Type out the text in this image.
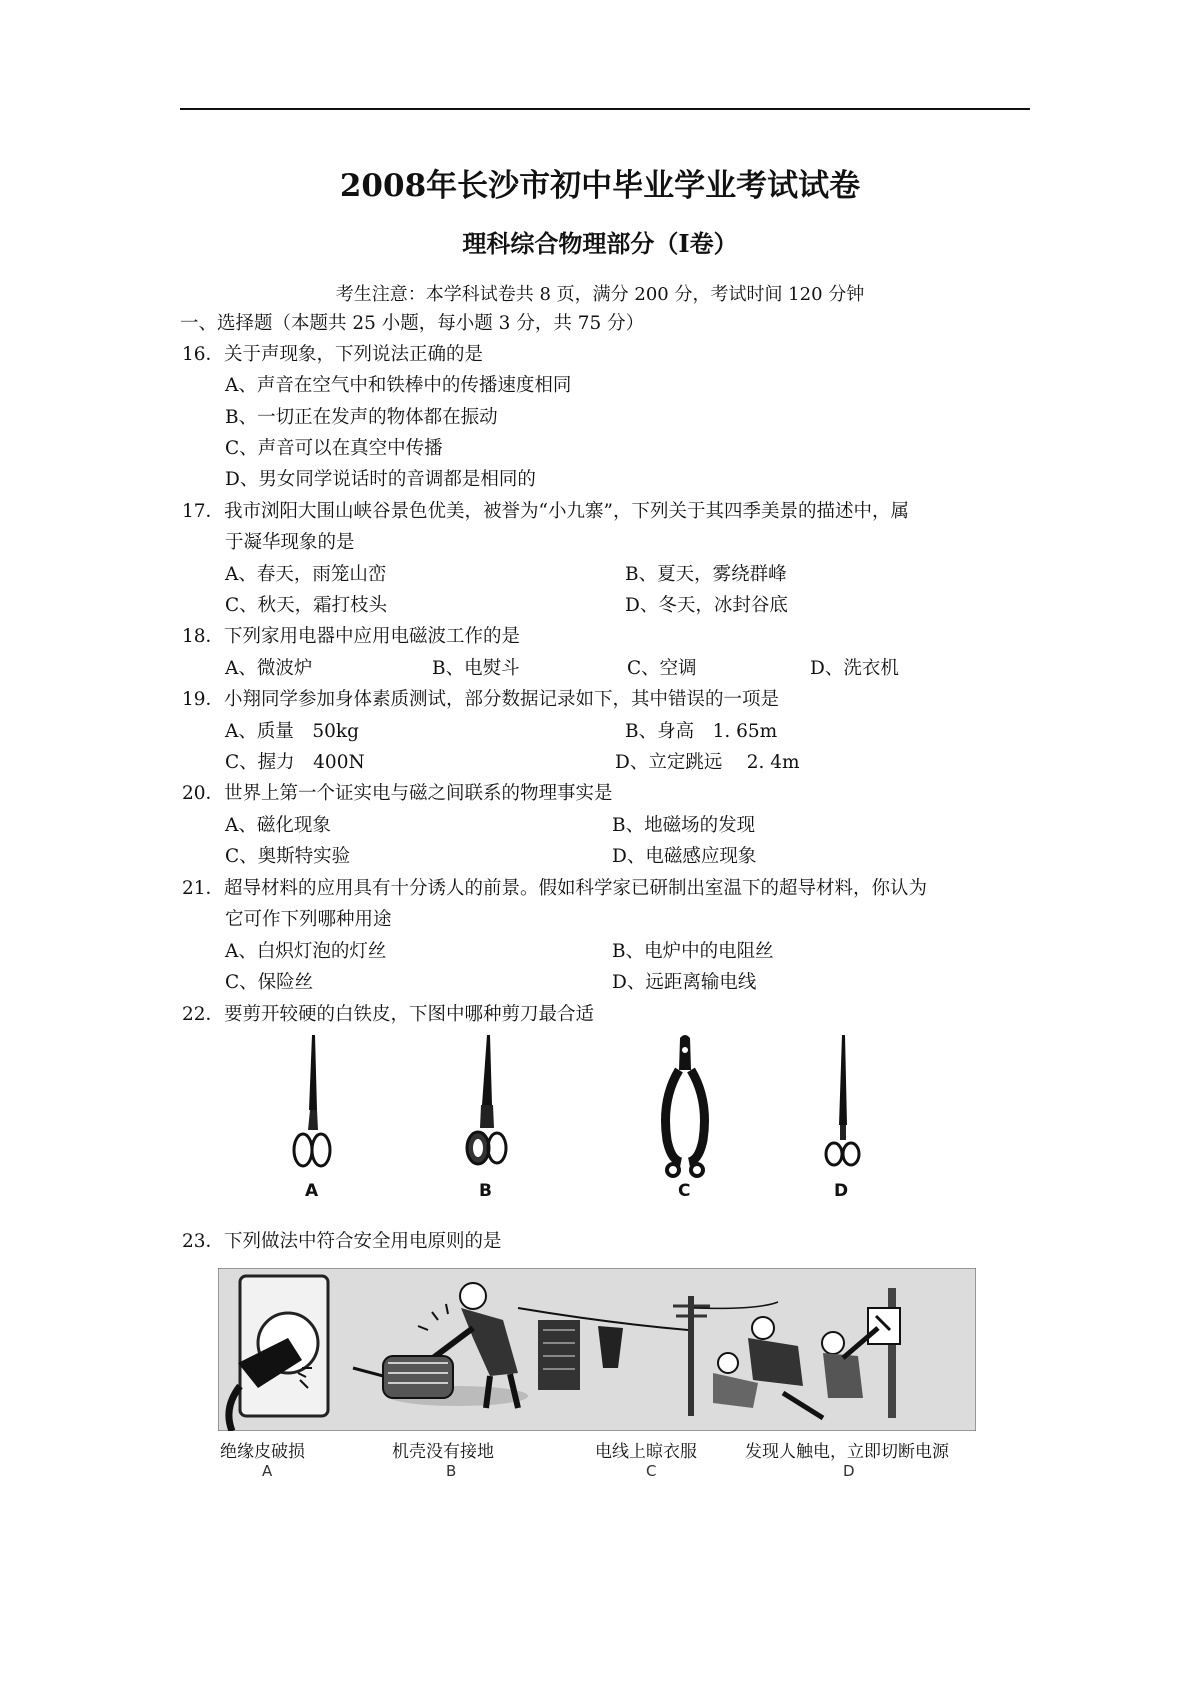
2008年长沙市初中毕业学业考试试卷
理科综合物理部分（Ⅰ卷）
考生注意：本学科试卷共 8 页，满分 200 分，考试时间 120 分钟
一、选择题（本题共 25 小题，每小题 3 分，共 75 分）
16．关于声现象，下列说法正确的是
A、声音在空气中和铁棒中的传播速度相同
B、一切正在发声的物体都在振动
C、声音可以在真空中传播
D、男女同学说话时的音调都是相同的
17．我市浏阳大围山峡谷景色优美，被誉为“小九寨”，下列关于其四季美景的描述中，属
于凝华现象的是
A、春天，雨笼山峦	B、夏天，雾绕群峰
C、秋天，霜打枝头	D、冬天，冰封谷底
18．下列家用电器中应用电磁波工作的是
A、微波炉	B、电熨斗	C、空调	D、洗衣机
19．小翔同学参加身体素质测试，部分数据记录如下，其中错误的一项是
A、质量　50kg	B、身高　1. 65m
C、握力　400N	D、立定跳远　 2. 4m
20．世界上第一个证实电与磁之间联系的物理事实是
A、磁化现象	B、地磁场的发现
C、奥斯特实验	D、电磁感应现象
21．超导材料的应用具有十分诱人的前景。假如科学家已研制出室温下的超导材料，你认为
它可作下列哪种用途
A、白炽灯泡的灯丝	B、电炉中的电阻丝
C、保险丝	D、远距离输电线
22．要剪开较硬的白铁皮，下图中哪种剪刀最合适
A	B	C	D
23．下列做法中符合安全用电原则的是
绝缘皮破损	机壳没有接地	电线上晾衣服	发现人触电，立即切断电源
A	B	C	D
